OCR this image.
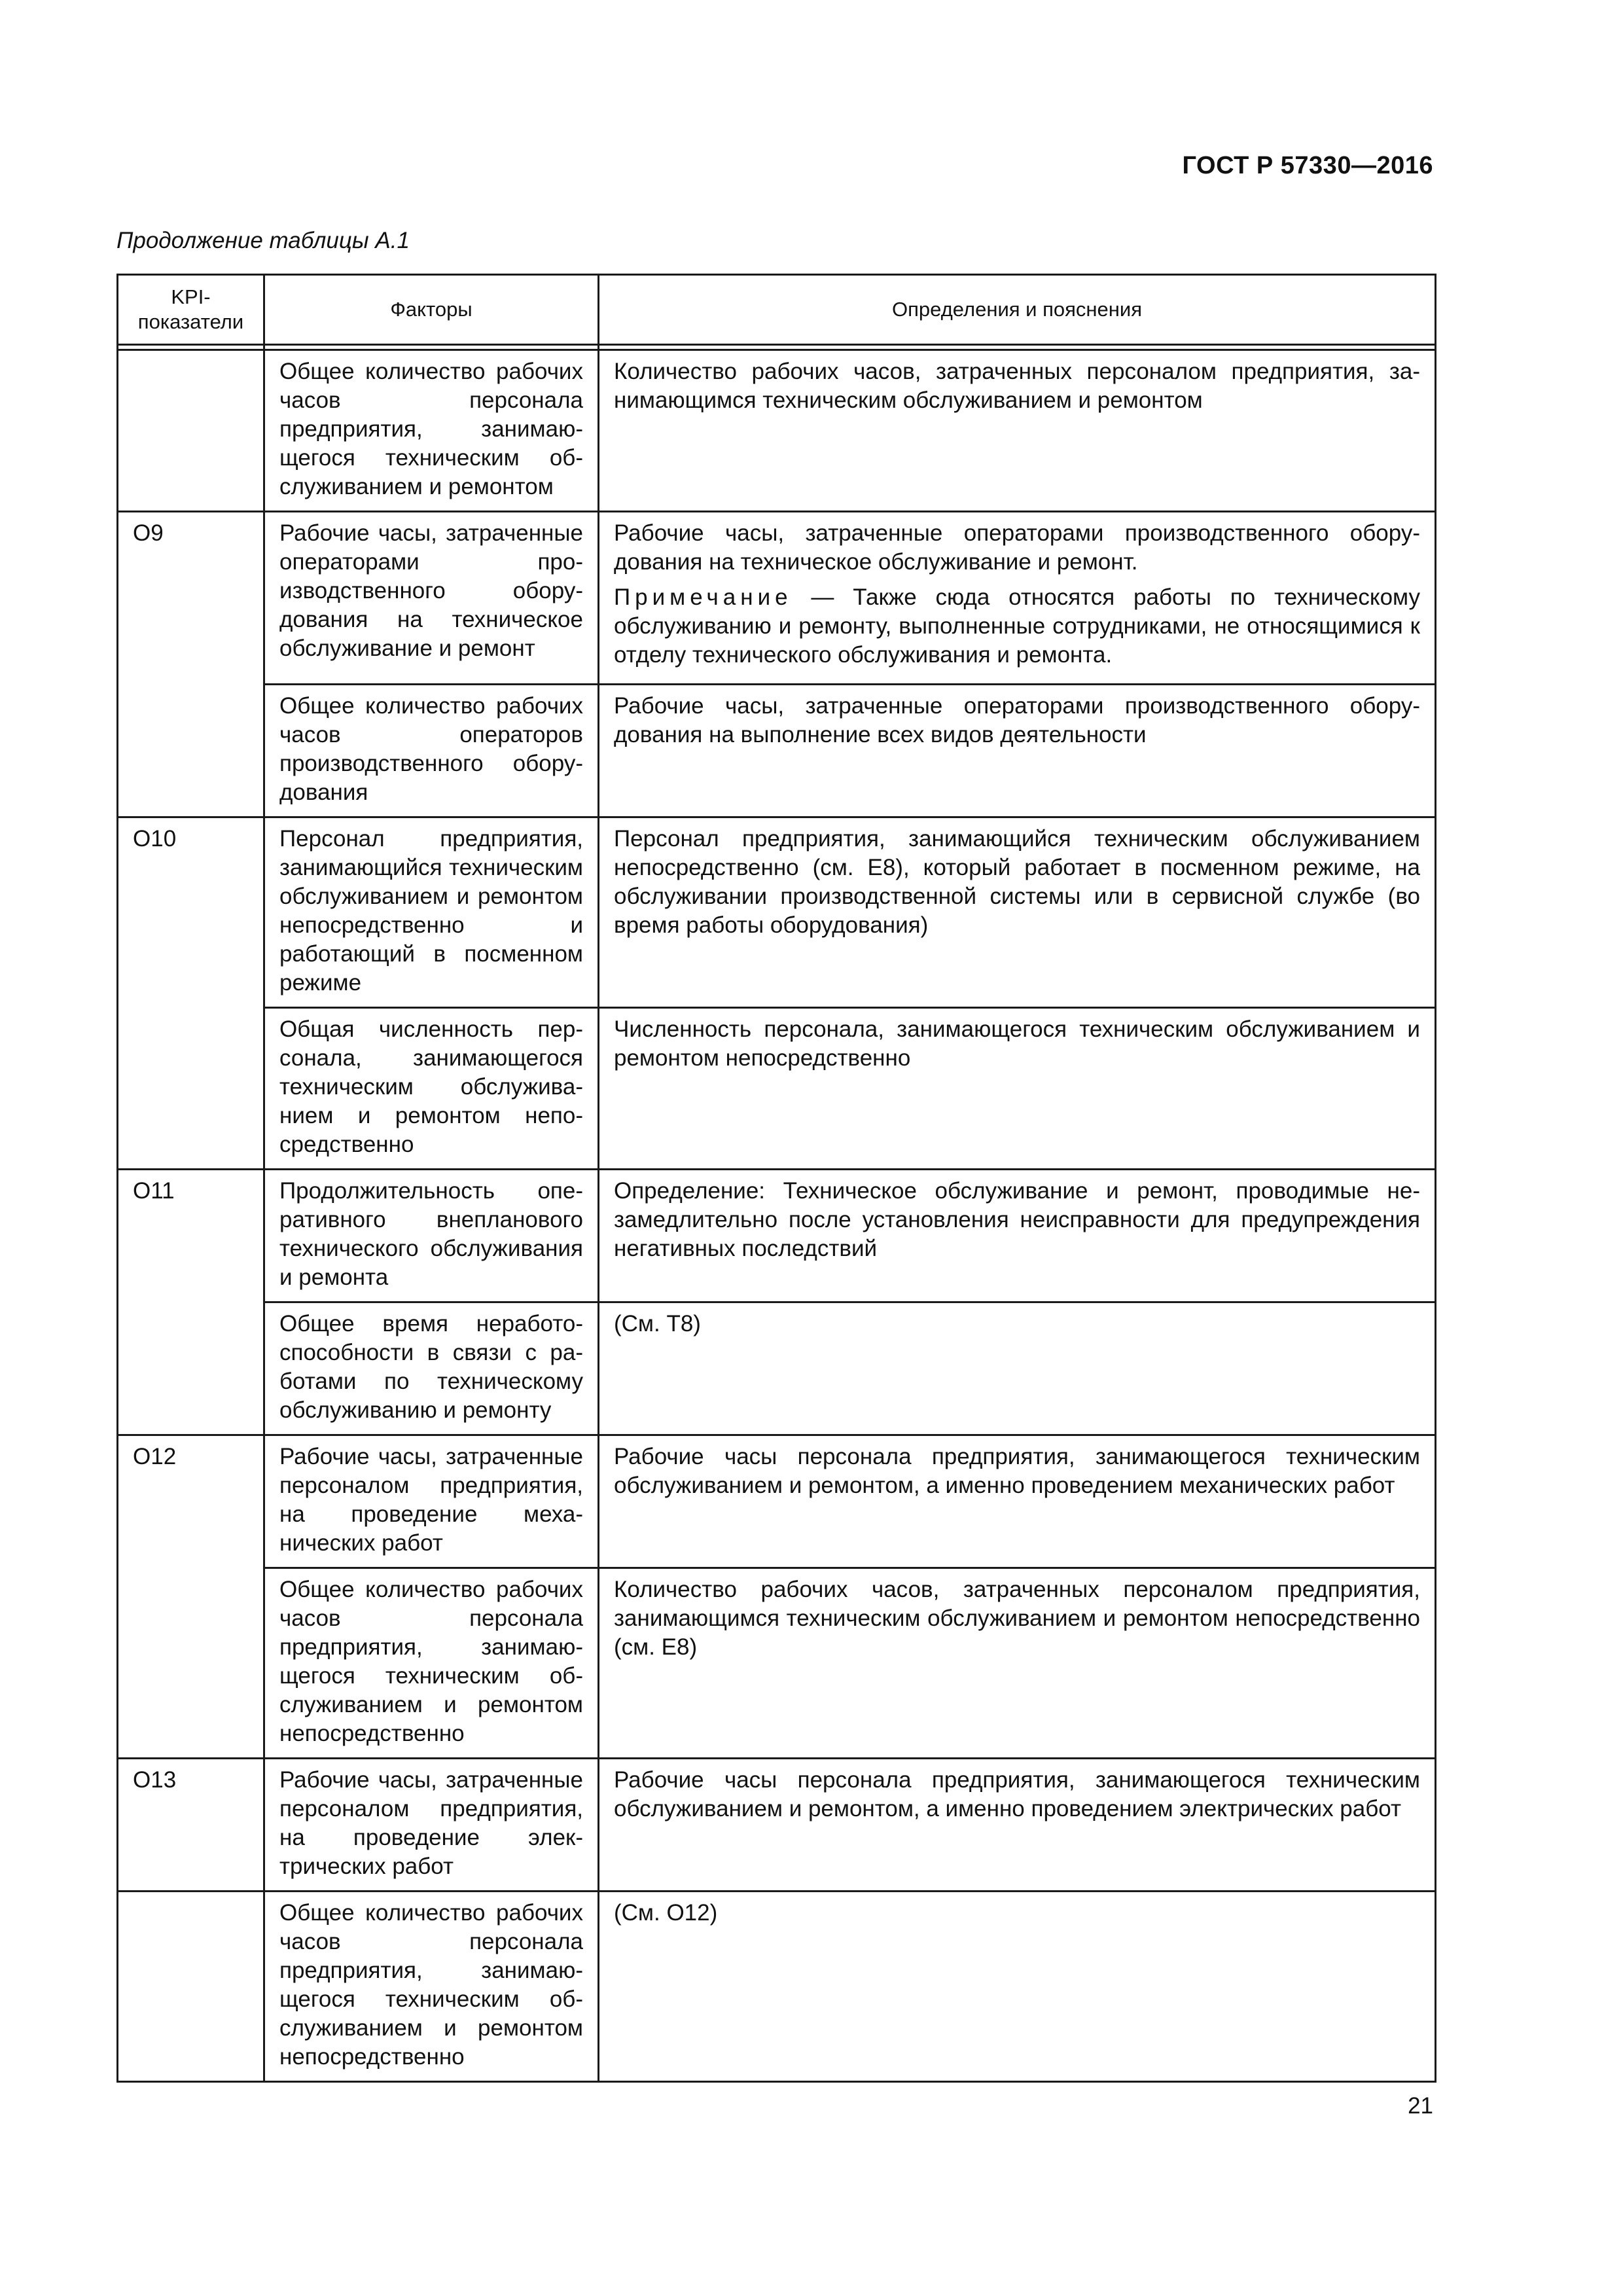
ГОСТ Р 57330—2016
Продолжение таблицы А.1
KPI-показатели	Факторы	Определения и пояснения

	Общее количество рабочих часов персонала предприятия, занимающегося техническим обслуживанием и ремонтом	Количество рабочих часов, затраченных персоналом предприятия, занимающимся техническим обслуживанием и ремонтом
O9	Рабочие часы, затраченные операторами производственного оборудования на техническое обслуживание и ремонт	Рабочие часы, затраченные операторами производственного оборудования на техническое обслуживание и ремонт.
Примечание — Также сюда относятся работы по техническому обслуживанию и ремонту, выполненные сотрудниками, не относящимися к отделу технического обслуживания и ремонта.

	Общее количество рабочих часов операторов производственного оборудования	Рабочие часы, затраченные операторами производственного оборудования на выполнение всех видов деятельности
O10	Персонал предприятия, занимающийся техническим обслуживанием и ремонтом непосредственно и работающий в посменном режиме	Персонал предприятия, занимающийся техническим обслуживанием непосредственно (см. Е8), который работает в посменном режиме, на обслуживании производственной системы или в сервисной службе (во время работы оборудования)
	Общая численность персонала, занимающегося техническим обслуживанием и ремонтом непосредственно	Численность персонала, занимающегося техническим обслуживанием и ремонтом непосредственно
O11	Продолжительность оперативного внепланового технического обслуживания и ремонта	Определение: Техническое обслуживание и ремонт, проводимые незамедлительно после установления неисправности для предупреждения негативных последствий
	Общее время неработоспособности в связи с работами по техническому обслуживанию и ремонту	(См. Т8)
O12	Рабочие часы, затраченные персоналом предприятия, на проведение механических работ	Рабочие часы персонала предприятия, занимающегося техническим обслуживанием и ремонтом, а именно проведением механических работ
	Общее количество рабочих часов персонала предприятия, занимающегося техническим обслуживанием и ремонтом непосредственно	Количество рабочих часов, затраченных персоналом предприятия, занимающимся техническим обслуживанием и ремонтом непосредственно (см. Е8)
O13	Рабочие часы, затраченные персоналом предприятия, на проведение электрических работ	Рабочие часы персонала предприятия, занимающегося техническим обслуживанием и ремонтом, а именно проведением электрических работ
	Общее количество рабочих часов персонала предприятия, занимающегося техническим обслуживанием и ремонтом непосредственно	(См. O12)
21
